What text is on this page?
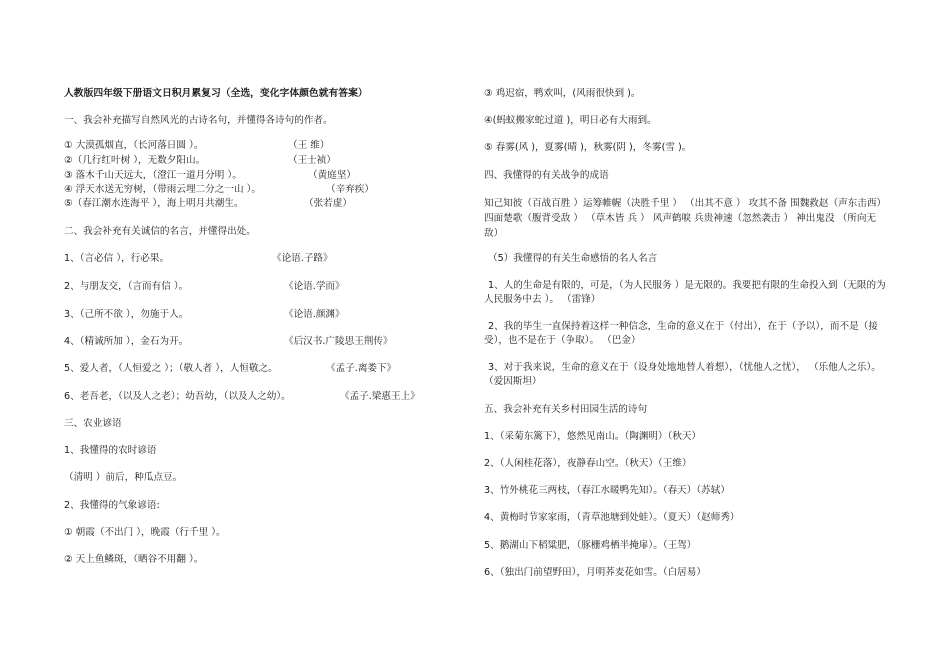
人教版四年级下册语文日积月累复习（全选，变化字体颜色就有答案）
一、我会补充描写自然风光的古诗名句，并懂得各诗句的作者。
① 大漠孤烟直，（长河落日圆 ）。	（王 维）
②（几行红叶树 ），无数夕阳山。	（王士祯）
③ 落木千山天远大，（澄江一道月分明 ）。	（黄庭坚）
④ 浮天水送无穷树，（带雨云埋二分之一山 ）。	（辛弃疾）
⑤（春江潮水连海平 ），海上明月共潮生。	（张若虚）
二、我会补充有关诚信的名言，并懂得出处。
1、（言必信 ），行必果。	《论语.子路》
2、与朋友交，（言而有信 ）。	《论语.学而》
3、（己所不欲 ），勿施于人。	《论语.颜渊》
4、（精诚所加 ），金石为开。	《后汉书.广陵思王荆传》
5、爱人者，（人恒爱之 ）；（敬人者 ），人恒敬之。	《孟子.离娄下》
6、老吾老，（以及人之老）；幼吾幼，（以及人之幼）。	《孟子.梁惠王上》
三、农业谚语
1、我懂得的农时谚语
（清明 ）前后，种瓜点豆。
2、我懂得的气象谚语:
① 朝霞（不出门 ），晚霞（行千里 ）。
② 天上鱼鳞斑，（晒谷不用翻 ）。
③ 鸡迟宿，鸭欢叫，(风雨很快到 )。
④(蚂蚁搬家蛇过道 )，明日必有大雨到。
⑤ 春雾(风 )，夏雾(晴 )，秋雾(阴 )，冬雾(雪 )。
四、我懂得的有关战争的成语
知己知彼（百战百胜 ）运筹帷幄（决胜千里 ） （出其不意 ） 攻其不备 围魏救赵（声东击西） 四面楚歌（腹背受敌 ） （草木皆 兵 ） 风声鹤唳 兵贵神速（忽然袭击 ） 神出鬼没 （所向无敌）
（5）我懂得的有关生命感悟的名人名言
1、人的生命是有限的，可是，（为人民服务 ）是无限的。我要把有限的生命投入到（无限的为人民服务中去 ）。 （雷锋）
2、我的毕生一直保持着这样一种信念，生命的意义在于（付出），在于（予以），而不是（接受），也不是在于（争取）。 （巴金）
3、对于我来说，生命的意义在于（设身处地地替人着想），（忧他人之忧）， （乐他人之乐）。 （爱因斯坦）
五、我会补充有关乡村田园生活的诗句
1、（采菊东篱下），悠然见南山。（陶渊明）（秋天）
2、（人闲桂花落），夜静春山空。（秋天）（王维）
3、竹外桃花三两枝，（春江水暖鸭先知）。（春天）（苏轼）
4、黄梅时节家家雨，（青草池塘到处蛙）。（夏天）（赵师秀）
5、鹅湖山下稻粱肥，（豚栅鸡栖半掩扉）。（王驾）
6、（独出门前望野田），月明荞麦花如雪。（白居易）
